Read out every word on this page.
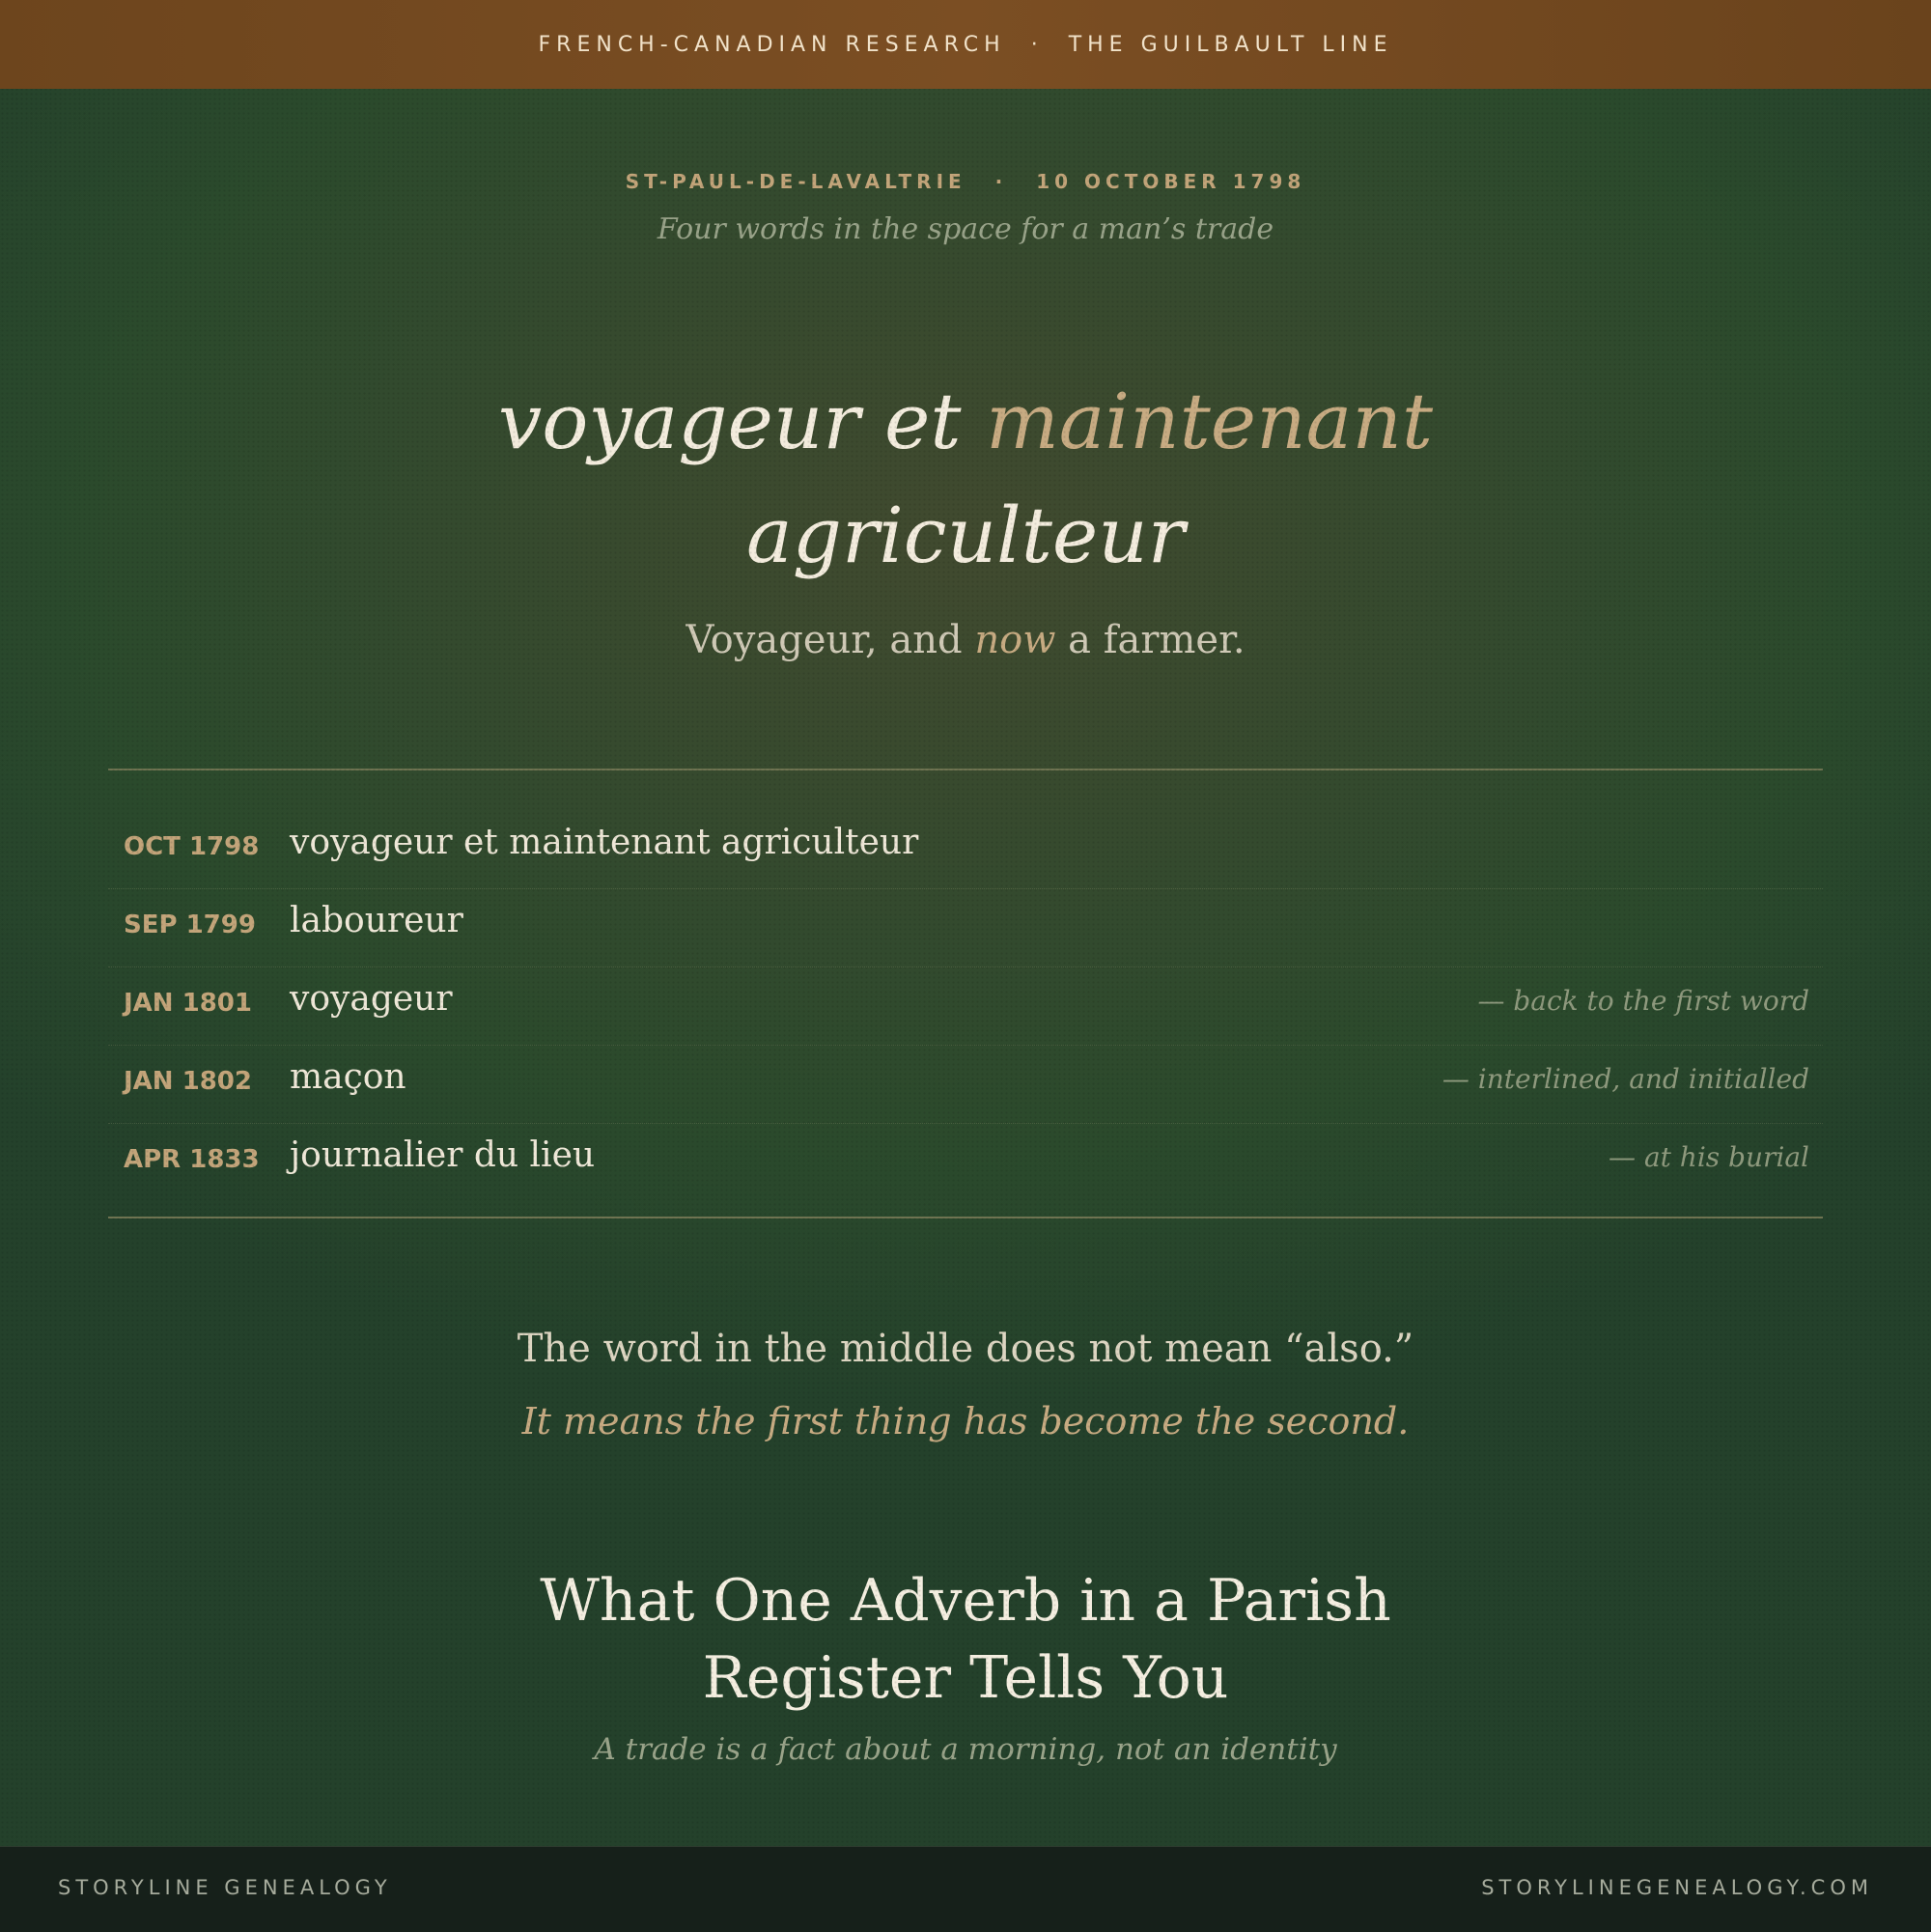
FRENCH-CANADIAN RESEARCH · THE GUILBAULT LINE
ST-PAUL-DE-LAVALTRIE · 10 OCTOBER 1798
Four words in the space for a man’s trade
voyageur et maintenant
agriculteur
Voyageur, and now a farmer.
OCT 1798 voyageur et maintenant agriculteur
SEP 1799 laboureur
JAN 1801 voyageur	— back to the first word
JAN 1802 maçon	— interlined, and initialled
APR 1833 journalier du lieu	— at his burial
The word in the middle does not mean “also.”
It means the first thing has become the second.
What One Adverb in a Parish
Register Tells You
A trade is a fact about a morning, not an identity
STORYLINE GENEALOGY	STORYLINEGENEALOGY.COM
